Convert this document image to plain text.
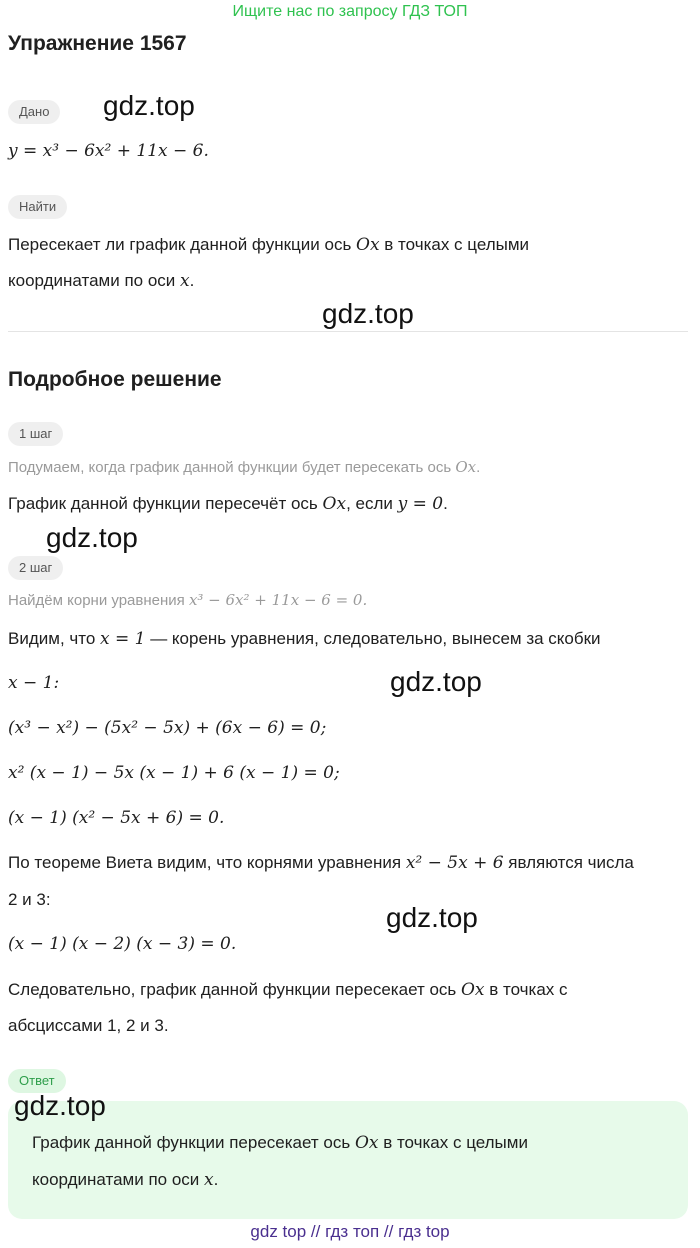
Ищите нас по запросу ГДЗ ТОП
Упражнение 1567
Дано	gdz.top
y = x³ − 6x² + 11x − 6.
Найти
Пересекает ли график данной функции ось Ox в точках с целыми
координатами по оси x.
gdz.top
Подробное решение
1 шаг
Подумаем, когда график данной функции будет пересекать ось Ox.
График данной функции пересечёт ось Ox, если y = 0.
gdz.top
2 шаг
Найдём корни уравнения x³ − 6x² + 11x − 6 = 0.
Видим, что x = 1 — корень уравнения, следовательно, вынесем за скобки
x − 1:	gdz.top
(x³ − x²) − (5x² − 5x) + (6x − 6) = 0;
x² (x − 1) − 5x (x − 1) + 6 (x − 1) = 0;
(x − 1) (x² − 5x + 6) = 0.
По теореме Виета видим, что корнями уравнения x² − 5x + 6 являются числа
2 и 3:
gdz.top
(x − 1) (x − 2) (x − 3) = 0.
Следовательно, график данной функции пересекает ось Ox в точках с
абсциссами 1, 2 и 3.
Ответ
gdz.top
График данной функции пересекает ось Ox в точках с целыми
координатами по оси x.
gdz top // гдз топ // гдз top
